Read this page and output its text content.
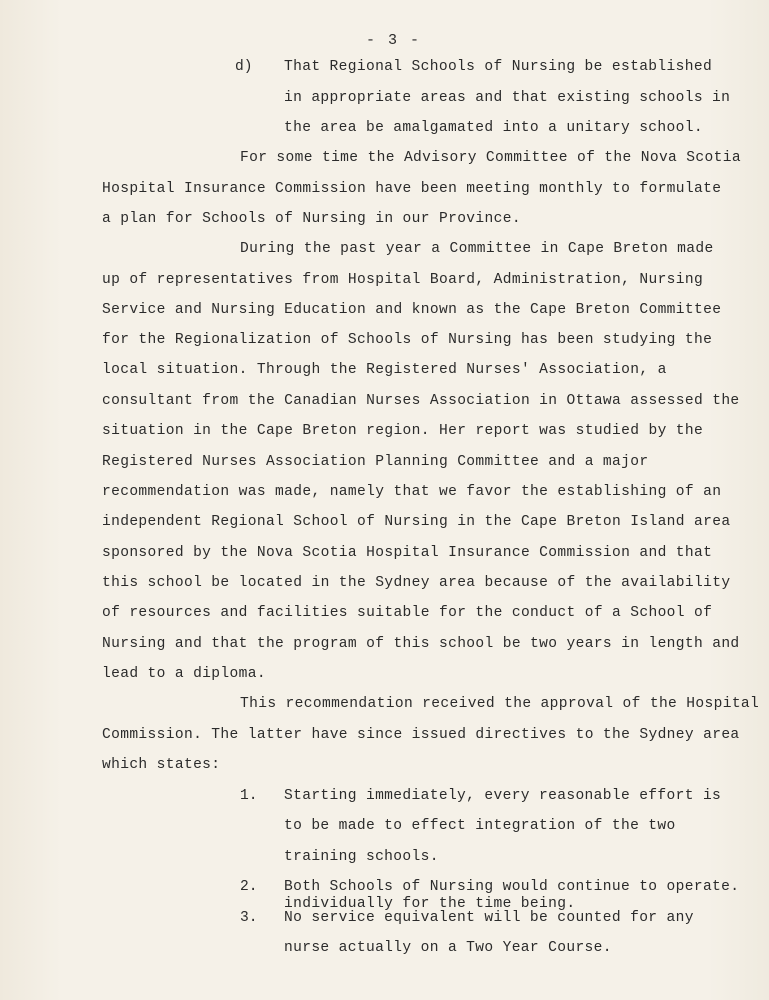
- 3 -
d) That Regional Schools of Nursing be established
in appropriate areas and that existing schools in
the area be amalgamated into a unitary school.
For some time the Advisory Committee of the Nova Scotia
Hospital Insurance Commission have been meeting monthly to formulate
a plan for Schools of Nursing in our Province.
During the past year a Committee in Cape Breton made
up of representatives from Hospital Board, Administration, Nursing
Service and Nursing Education and known as the Cape Breton Committee
for the Regionalization of Schools of Nursing has been studying the
local situation. Through the Registered Nurses' Association, a
consultant from the Canadian Nurses Association in Ottawa assessed the
situation in the Cape Breton region. Her report was studied by the
Registered Nurses Association Planning Committee and a major
recommendation was made, namely that we favor the establishing of an
independent Regional School of Nursing in the Cape Breton Island area
sponsored by the Nova Scotia Hospital Insurance Commission and that
this school be located in the Sydney area because of the availability
of resources and facilities suitable for the conduct of a School of
Nursing and that the program of this school be two years in length and
lead to a diploma.
This recommendation received the approval of the Hospital
Commission. The latter have since issued directives to the Sydney area
which states:
1. Starting immediately, every reasonable effort is
to be made to effect integration of the two
training schools.
2. Both Schools of Nursing would continue to operate.
individually for the time being.
3. No service equivalent will be counted for any
nurse actually on a Two Year Course.
